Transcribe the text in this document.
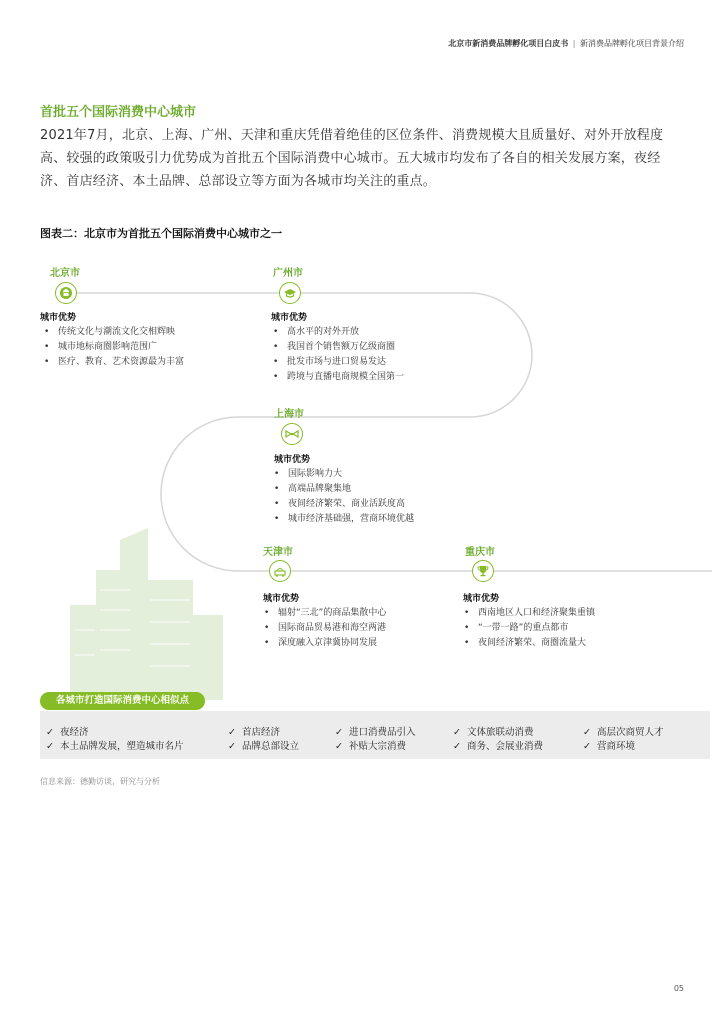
北京市新消费品牌孵化项目白皮书 | 新消费品牌孵化项目背景介绍
首批五个国际消费中心城市
2021年7月，北京、上海、广州、天津和重庆凭借着绝佳的区位条件、消费规模大且质量好、对外开放程度高、较强的政策吸引力优势成为首批五个国际消费中心城市。五大城市均发布了各自的相关发展方案，夜经济、首店经济、本土品牌、总部设立等方面为各城市均关注的重点。
图表二：北京市为首批五个国际消费中心城市之一
北京市
城市优势
• 传统文化与潮流文化交相辉映
• 城市地标商圈影响范围广
• 医疗、教育、艺术资源最为丰富
广州市
城市优势
• 高水平的对外开放
• 我国首个销售额万亿级商圈
• 批发市场与进口贸易发达
• 跨境与直播电商规模全国第一
上海市
城市优势
• 国际影响力大
• 高端品牌聚集地
• 夜间经济繁荣、商业活跃度高
• 城市经济基础强，营商环境优越
天津市
城市优势
• 辐射“三北”的商品集散中心
• 国际商品贸易港和海空两港
• 深度融入京津冀协同发展
重庆市
城市优势
• 西南地区人口和经济聚集重镇
• “一带一路”的重点都市
• 夜间经济繁荣、商圈流量大
各城市打造国际消费中心相似点
✓ 夜经济
✓ 本土品牌发展，塑造城市名片
✓ 首店经济
✓ 品牌总部设立
✓ 进口消费品引入
✓ 补贴大宗消费
✓ 文体旅联动消费
✓ 商务、会展业消费
✓ 高层次商贸人才
✓ 营商环境
信息来源：德勤访谈，研究与分析
05
